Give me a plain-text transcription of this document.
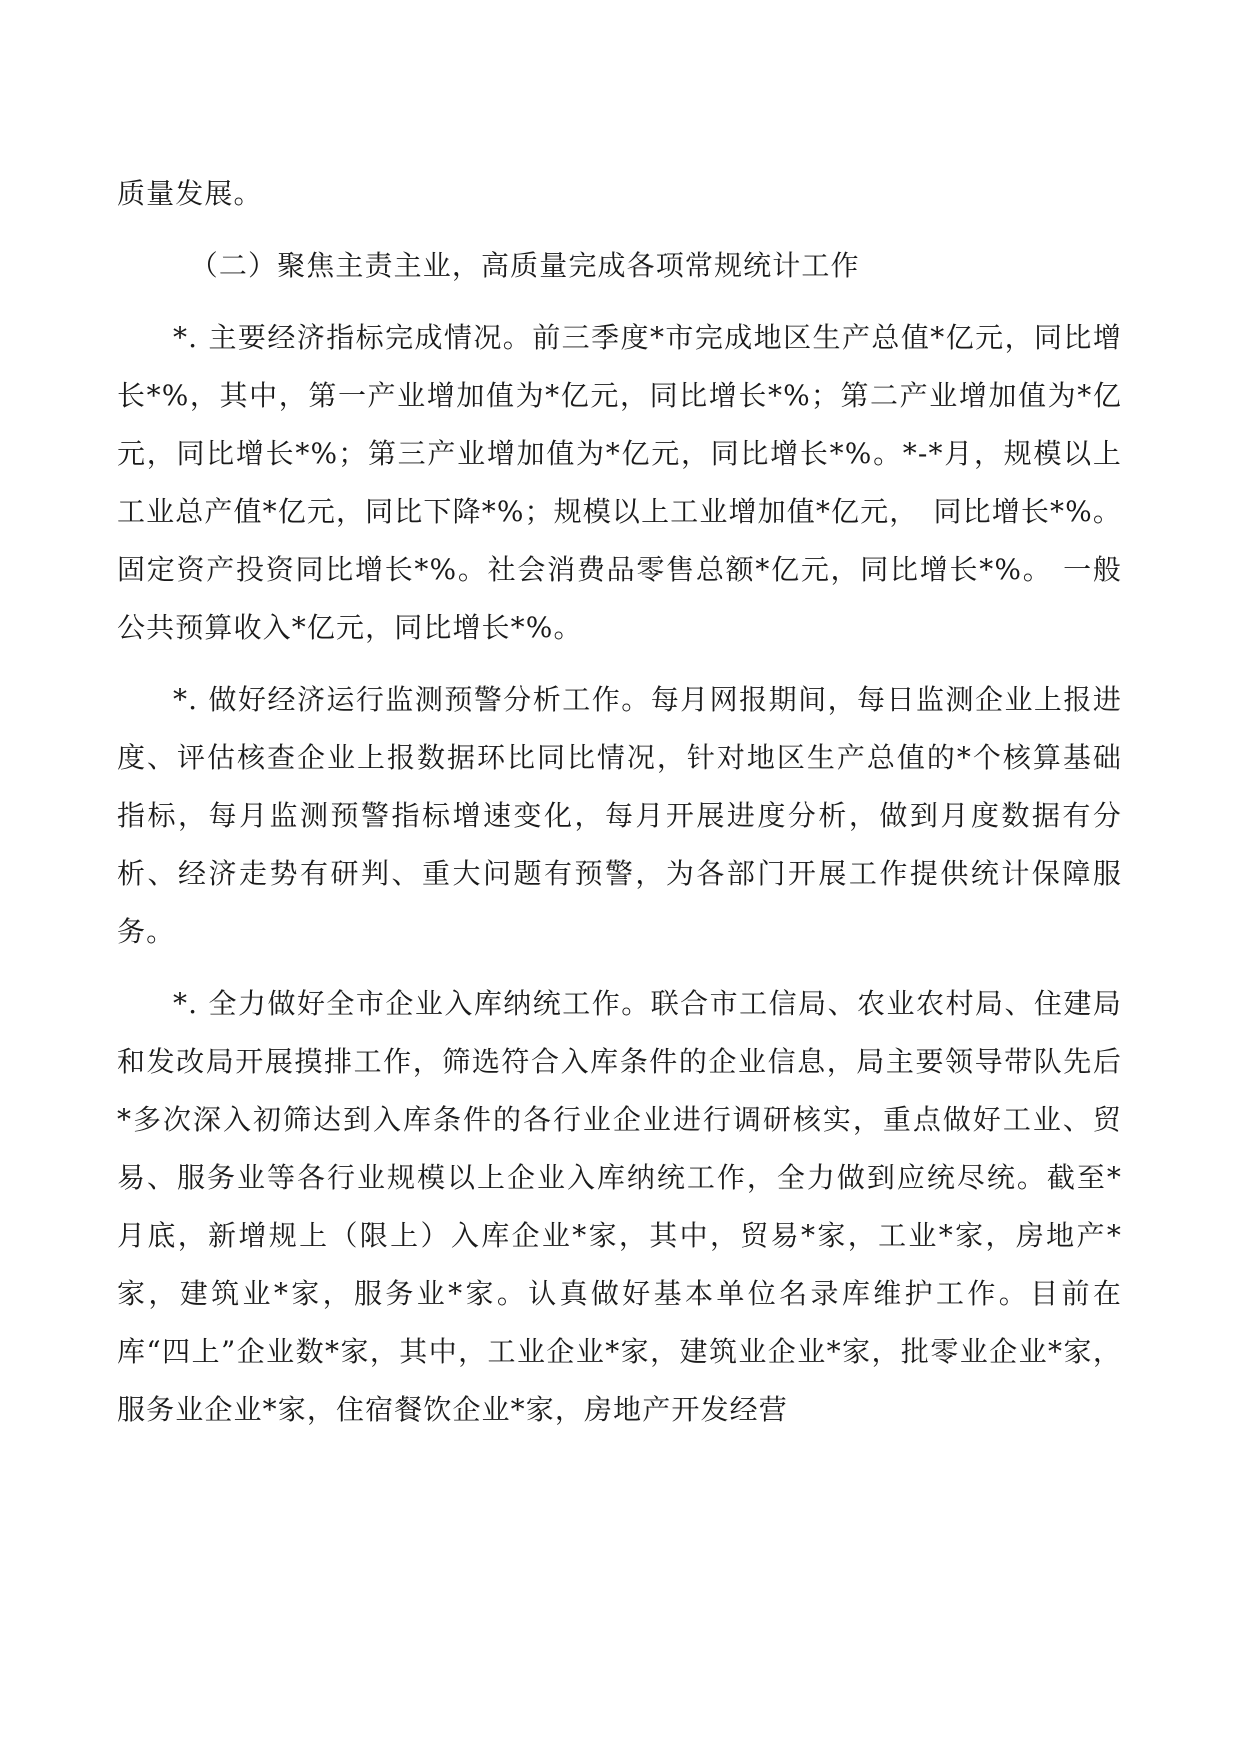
质量发展。

（二）聚焦主责主业，高质量完成各项常规统计工作

*. 主要经济指标完成情况。前三季度*市完成地区生产总值*亿元，同比增长*%，其中，第一产业增加值为*亿元，同比增长*%；第二产业增加值为*亿元，同比增长*%；第三产业增加值为*亿元，同比增长*%。*-*月，规模以上工业总产值*亿元，同比下降*%；规模以上工业增加值*亿元，　同比增长*%。固定资产投资同比增长*%。社会消费品零售总额*亿元，同比增长*%。 一般公共预算收入*亿元，同比增长*%。

*. 做好经济运行监测预警分析工作。每月网报期间，每日监测企业上报进度、评估核查企业上报数据环比同比情况，针对地区生产总值的*个核算基础指标，每月监测预警指标增速变化，每月开展进度分析，做到月度数据有分析、经济走势有研判、重大问题有预警，为各部门开展工作提供统计保障服务。

*. 全力做好全市企业入库纳统工作。联合市工信局、农业农村局、住建局和发改局开展摸排工作，筛选符合入库条件的企业信息，局主要领导带队先后*多次深入初筛达到入库条件的各行业企业进行调研核实，重点做好工业、贸易、服务业等各行业规模以上企业入库纳统工作，全力做到应统尽统。截至*月底，新增规上（限上）入库企业*家，其中，贸易*家，工业*家，房地产*家，建筑业*家，服务业*家。认真做好基本单位名录库维护工作。目前在库“四上”企业数*家，其中，工业企业*家，建筑业企业*家，批零业企业*家，服务业企业*家，住宿餐饮企业*家，房地产开发经营
